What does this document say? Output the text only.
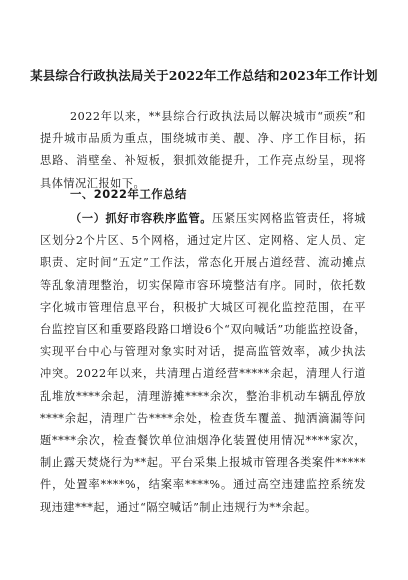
某县综合行政执法局关于2022年工作总结和2023年工作计划
2022年以来，**县综合行政执法局以解决城市“顽疾”和提升城市品质为重点，围绕城市美、靓、净、序工作目标，拓思路、消壁垒、补短板，狠抓效能提升，工作亮点纷呈，现将具体情况汇报如下。
一、2022年工作总结
（一）抓好市容秩序监管。压紧压实网格监管责任，将城区划分2个片区、5个网格，通过定片区、定网格、定人员、定职责、定时间“五定”工作法，常态化开展占道经营、流动摊点等乱象清理整治，切实保障市容环境整洁有序。同时，依托数字化城市管理信息平台，积极扩大城区可视化监控范围，在平台监控盲区和重要路段路口增设6个“双向喊话”功能监控设备，实现平台中心与管理对象实时对话，提高监管效率，减少执法冲突。2022年以来，共清理占道经营*****余起，清理人行道乱堆放****余起，清理游摊****余次，整治非机动车辆乱停放****余起，清理广告****余处，检查货车覆盖、抛洒滴漏等问题****余次，检查餐饮单位油烟净化装置使用情况****家次，制止露天焚烧行为**起。平台采集上报城市管理各类案件*****件，处置率****%，结案率****%。通过高空违建监控系统发现违建***起，通过“隔空喊话”制止违规行为**余起。
